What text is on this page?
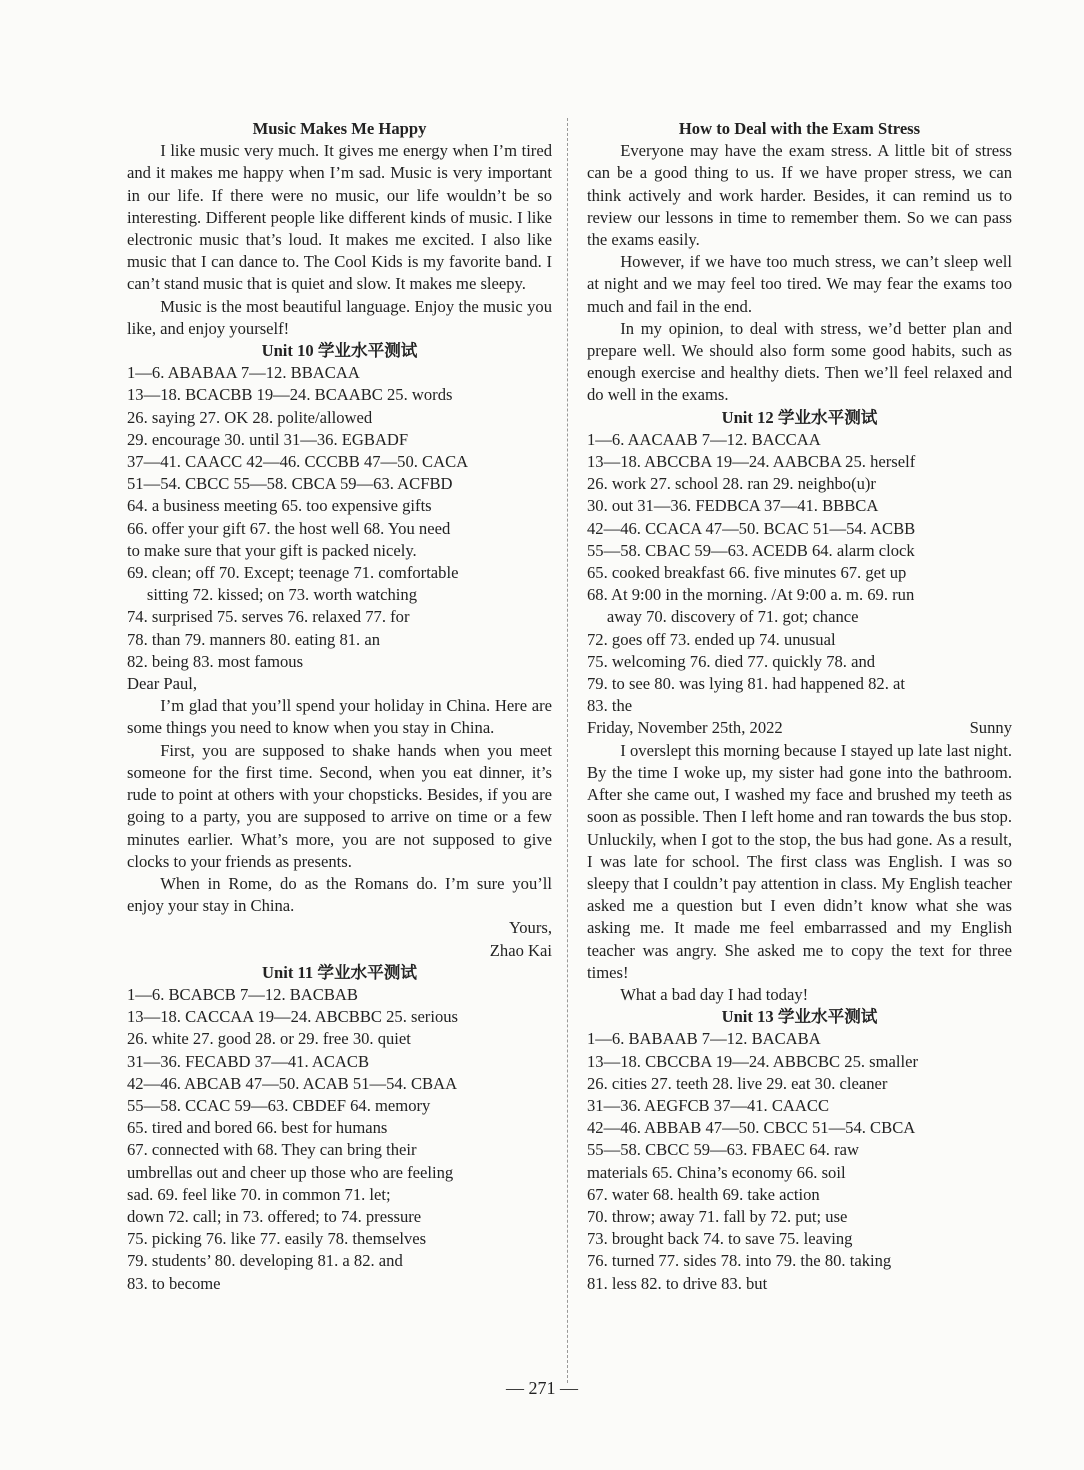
Music Makes Me Happy

I like music very much. It gives me energy when I’m tired and it makes me happy when I’m sad. Music is very important in our life. If there were no music, our life wouldn’t be so interesting. Different people like different kinds of music. I like electronic music that’s loud. It makes me excited. I also like music that I can dance to. The Cool Kids is my favorite band. I can’t stand music that is quiet and slow. It makes me sleepy.

Music is the most beautiful language. Enjoy the music you like, and enjoy yourself!

Unit 10 学业水平测试

1—6. ABABAA 7—12. BBACAA

13—18. BCACBB 19—24. BCAABC 25. words

26. saying 27. OK 28. polite/allowed

29. encourage 30. until 31—36. EGBADF

37—41. CAACC 42—46. CCCBB 47—50. CACA

51—54. CBCC 55—58. CBCA 59—63. ACFBD

64. a business meeting 65. too expensive gifts

66. offer your gift 67. the host well 68. You need

to make sure that your gift is packed nicely.

69. clean; off 70. Except; teenage 71. comfortable

sitting 72. kissed; on 73. worth watching

74. surprised 75. serves 76. relaxed 77. for

78. than 79. manners 80. eating 81. an

82. being 83. most famous

Dear Paul,

I’m glad that you’ll spend your holiday in China. Here are some things you need to know when you stay in China.

First, you are supposed to shake hands when you meet someone for the first time. Second, when you eat dinner, it’s rude to point at others with your chopsticks. Besides, if you are going to a party, you are supposed to arrive on time or a few minutes earlier. What’s more, you are not supposed to give clocks to your friends as presents.

When in Rome, do as the Romans do. I’m sure you’ll enjoy your stay in China.

Yours,

Zhao Kai

Unit 11 学业水平测试

1—6. BCABCB 7—12. BACBAB

13—18. CACCAA 19—24. ABCBBC 25. serious

26. white 27. good 28. or 29. free 30. quiet

31—36. FECABD 37—41. ACACB

42—46. ABCAB 47—50. ACAB 51—54. CBAA

55—58. CCAC 59—63. CBDEF 64. memory

65. tired and bored 66. best for humans

67. connected with 68. They can bring their

umbrellas out and cheer up those who are feeling

sad. 69. feel like 70. in common 71. let;

down 72. call; in 73. offered; to 74. pressure

75. picking 76. like 77. easily 78. themselves

79. students’ 80. developing 81. a 82. and

83. to become

How to Deal with the Exam Stress

Everyone may have the exam stress. A little bit of stress can be a good thing to us. If we have proper stress, we can think actively and work harder. Besides, it can remind us to review our lessons in time to remember them. So we can pass the exams easily.

However, if we have too much stress, we can’t sleep well at night and we may feel too tired. We may fear the exams too much and fail in the end.

In my opinion, to deal with stress, we’d better plan and prepare well. We should also form some good habits, such as enough exercise and healthy diets. Then we’ll feel relaxed and do well in the exams.

Unit 12 学业水平测试

1—6. AACAAB 7—12. BACCAA

13—18. ABCCBA 19—24. AABCBA 25. herself

26. work 27. school 28. ran 29. neighbo(u)r

30. out 31—36. FEDBCA 37—41. BBBCA

42—46. CCACA 47—50. BCAC 51—54. ACBB

55—58. CBAC 59—63. ACEDB 64. alarm clock

65. cooked breakfast 66. five minutes 67. get up

68. At 9:00 in the morning. /At 9:00 a. m. 69. run

away 70. discovery of 71. got; chance

72. goes off 73. ended up 74. unusual

75. welcoming 76. died 77. quickly 78. and

79. to see 80. was lying 81. had happened 82. at

83. the

Friday, November 25th, 2022	Sunny

I overslept this morning because I stayed up late last night. By the time I woke up, my sister had gone into the bathroom. After she came out, I washed my face and brushed my teeth as soon as possible. Then I left home and ran towards the bus stop. Unluckily, when I got to the stop, the bus had gone. As a result, I was late for school. The first class was English. I was so sleepy that I couldn’t pay attention in class. My English teacher asked me a question but I even didn’t know what she was asking me. It made me feel embarrassed and my English teacher was angry. She asked me to copy the text for three times!

What a bad day I had today!

Unit 13 学业水平测试

1—6. BABAAB 7—12. BACABA

13—18. CBCCBA 19—24. ABBCBC 25. smaller

26. cities 27. teeth 28. live 29. eat 30. cleaner

31—36. AEGFCB 37—41. CAACC

42—46. ABBAB 47—50. CBCC 51—54. CBCA

55—58. CBCC 59—63. FBAEC 64. raw

materials 65. China’s economy 66. soil

67. water 68. health 69. take action

70. throw; away 71. fall by 72. put; use

73. brought back 74. to save 75. leaving

76. turned 77. sides 78. into 79. the 80. taking

81. less 82. to drive 83. but

— 271 —
